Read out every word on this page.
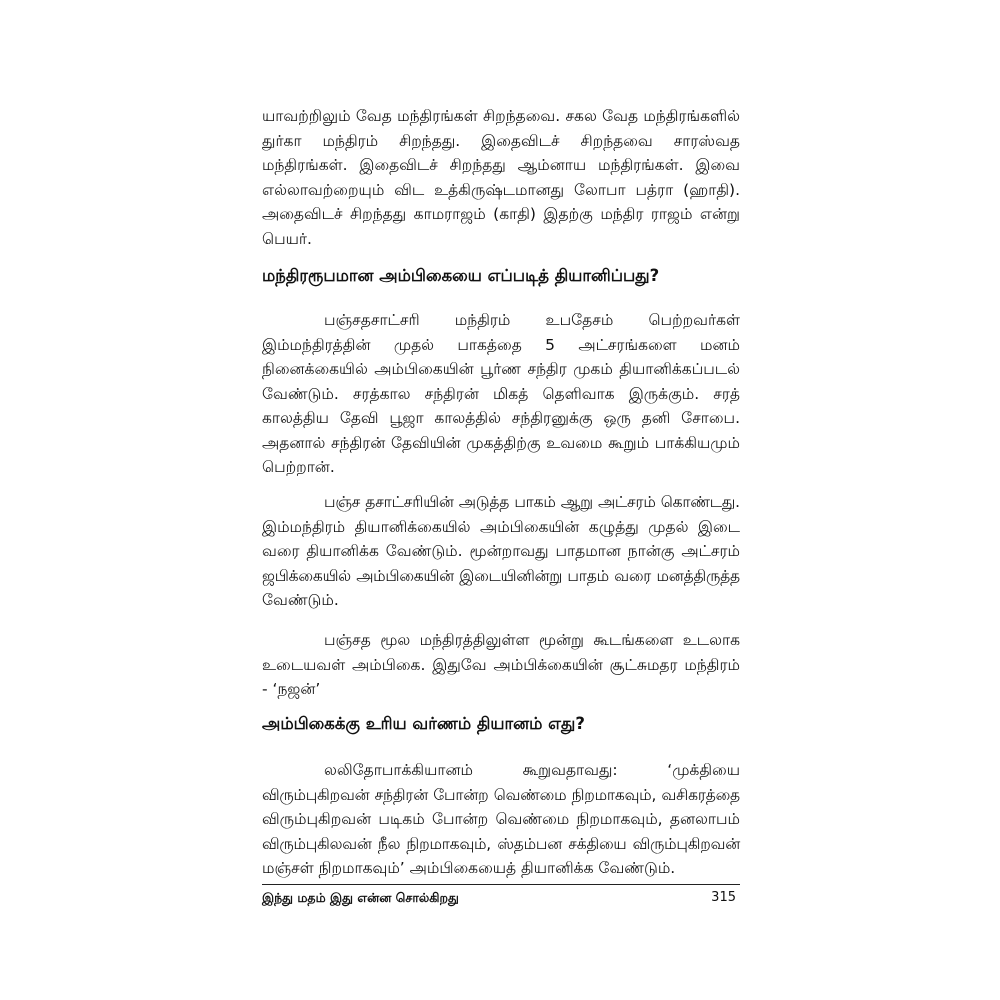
யாவற்றிலும் வேத மந்திரங்கள் சிறந்தவை. சகல வேத மந்திரங்களில்
துர்கா மந்திரம் சிறந்தது. இதைவிடச் சிறந்தவை சாரஸ்வத
மந்திரங்கள். இதைவிடச் சிறந்தது ஆம்னாய மந்திரங்கள். இவை
எல்லாவற்றையும் விட உத்கிருஷ்டமானது லோபா பத்ரா (ஹாதி).
அதைவிடச் சிறந்தது காமராஜம் (காதி) இதற்கு மந்திர ராஜம் என்று
பெயர்.
மந்திரரூபமான அம்பிகையை எப்படித் தியானிப்பது?
பஞ்சதசாட்சரி மந்திரம் உபதேசம் பெற்றவர்கள்
இம்மந்திரத்தின் முதல் பாகத்தை 5 அட்சரங்களை மனம்
நினைக்கையில் அம்பிகையின் பூர்ண சந்திர முகம் தியானிக்கப்படல்
வேண்டும். சரத்கால சந்திரன் மிகத் தெளிவாக இருக்கும். சரத்
காலத்திய தேவி பூஜா காலத்தில் சந்திரனுக்கு ஒரு தனி சோபை.
அதனால் சந்திரன் தேவியின் முகத்திற்கு உவமை கூறும் பாக்கியமும்
பெற்றான்.
பஞ்ச தசாட்சரியின் அடுத்த பாகம் ஆறு அட்சரம் கொண்டது.
இம்மந்திரம் தியானிக்கையில் அம்பிகையின் கழுத்து முதல் இடை
வரை தியானிக்க வேண்டும். மூன்றாவது பாதமான நான்கு அட்சரம்
ஜபிக்கையில் அம்பிகையின் இடையினின்று பாதம் வரை மனத்திருத்த
வேண்டும்.
பஞ்சத மூல மந்திரத்திலுள்ள மூன்று கூடங்களை உடலாக
உடையவள் அம்பிகை. இதுவே அம்பிக்கையின் சூட்சுமதர மந்திரம்
- ‘நஜன்’
அம்பிகைக்கு உரிய வர்ணம் தியானம் எது?
லலிதோபாக்கியானம் கூறுவதாவது: ‘முக்தியை
விரும்புகிறவன் சந்திரன் போன்ற வெண்மை நிறமாகவும், வசிகரத்தை
விரும்புகிறவன் படிகம் போன்ற வெண்மை நிறமாகவும், தனலாபம்
விரும்புகிலவன் நீல நிறமாகவும், ஸ்தம்பன சக்தியை விரும்புகிறவன்
மஞ்சள் நிறமாகவும்’ அம்பிகையைத் தியானிக்க வேண்டும்.
இந்து மதம் இது என்ன சொல்கிறது	315
